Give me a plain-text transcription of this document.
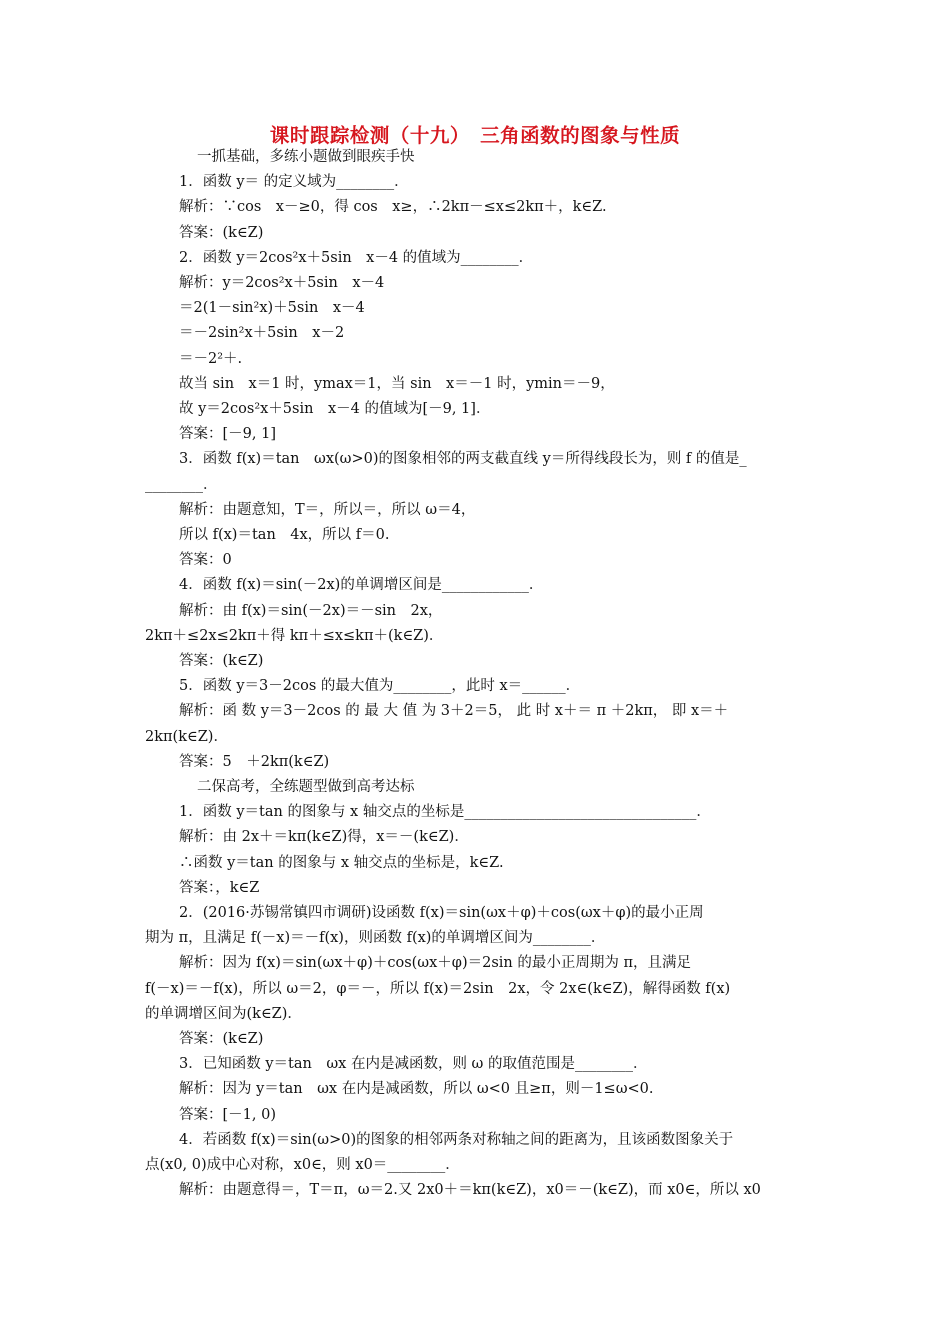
课时跟踪检测（十九）　三角函数的图象与性质
一抓基础，多练小题做到眼疾手快
1．函数 y＝ 的定义域为________．
解析：∵cos　x－≥0，得 cos　x≥，∴2kπ－≤x≤2kπ＋，k∈Z.
答案：(k∈Z)
2．函数 y＝2cos²x＋5sin　x－4 的值域为________．
解析：y＝2cos²x＋5sin　x－4
＝2(1－sin²x)＋5sin　x－4
＝－2sin²x＋5sin　x－2
＝－2²＋.
故当 sin　x＝1 时，ymax＝1，当 sin　x＝－1 时，ymin＝－9，
故 y＝2cos²x＋5sin　x－4 的值域为[－9, 1]．
答案：[－9, 1]
3．函数 f(x)＝tan　ωx(ω>0)的图象相邻的两支截直线 y＝所得线段长为，则 f 的值是_
________．
解析：由题意知，T＝，所以＝，所以 ω＝4，
所以 f(x)＝tan　4x，所以 f＝0.
答案：0
4．函数 f(x)＝sin(－2x)的单调增区间是____________．
解析：由 f(x)＝sin(－2x)＝－sin　2x，
2kπ＋≤2x≤2kπ＋得 kπ＋≤x≤kπ＋(k∈Z)．
答案：(k∈Z)
5．函数 y＝3－2cos 的最大值为________，此时 x＝______．
解析：函 数 y＝3－2cos 的 最 大 值 为 3＋2＝5， 此 时 x＋＝ π ＋2kπ， 即 x＝＋
2kπ(k∈Z)．
答案：5　＋2kπ(k∈Z)
二保高考，全练题型做到高考达标
1．函数 y＝tan 的图象与 x 轴交点的坐标是________________________________．
解析：由 2x＋＝kπ(k∈Z)得，x＝－(k∈Z)．
∴函数 y＝tan 的图象与 x 轴交点的坐标是，k∈Z.
答案：，k∈Z
2．(2016·苏锡常镇四市调研)设函数 f(x)＝sin(ωx＋φ)＋cos(ωx＋φ)的最小正周
期为 π，且满足 f(－x)＝－f(x)，则函数 f(x)的单调增区间为________．
解析：因为 f(x)＝sin(ωx＋φ)＋cos(ωx＋φ)＝2sin 的最小正周期为 π，且满足
f(－x)＝－f(x)，所以 ω＝2，φ＝－，所以 f(x)＝2sin　2x，令 2x∈(k∈Z)，解得函数 f(x)
的单调增区间为(k∈Z)．
答案：(k∈Z)
3．已知函数 y＝tan　ωx 在内是减函数，则 ω 的取值范围是________．
解析：因为 y＝tan　ωx 在内是减函数，所以 ω<0 且≥π，则－1≤ω<0.
答案：[－1, 0)
4．若函数 f(x)＝sin(ω>0)的图象的相邻两条对称轴之间的距离为，且该函数图象关于
点(x0, 0)成中心对称，x0∈，则 x0＝________．
解析：由题意得＝，T＝π，ω＝2.又 2x0＋＝kπ(k∈Z)，x0＝－(k∈Z)，而 x0∈，所以 x0
